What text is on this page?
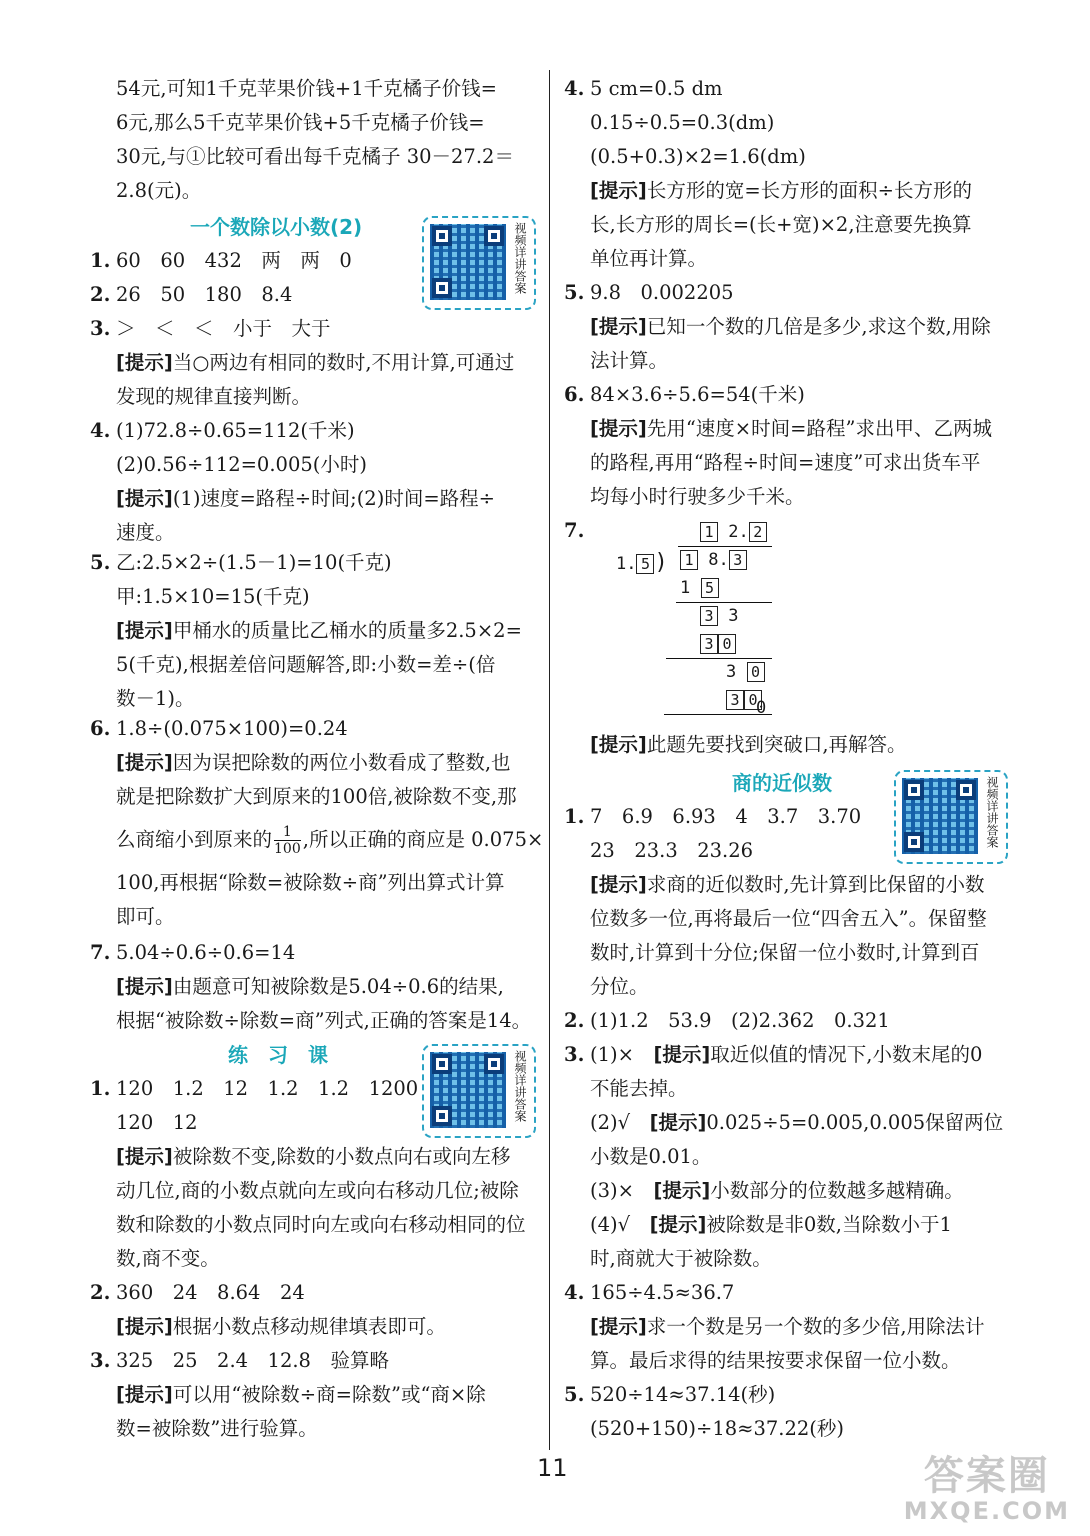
54元,可知1千克苹果价钱+1千克橘子价钱=
6元,那么5千克苹果价钱+5千克橘子价钱=
30元,与①比较可看出每千克橘子 30－27.2＝
2.8(元)。
一个数除以小数(2)	视频详讲答案
1. 60　60　432　两　两　0
2. 26　50　180　8.4
3. ＞　＜　＜　小于　大于
[提示]当○两边有相同的数时,不用计算,可通过
发现的规律直接判断。
4. (1)72.8÷0.65=112(千米)
(2)0.56÷112=0.005(小时)
[提示](1)速度=路程÷时间;(2)时间=路程÷
速度。
5. 乙:2.5×2÷(1.5－1)=10(千克)
甲:1.5×10=15(千克)
[提示]甲桶水的质量比乙桶水的质量多2.5×2=
5(千克),根据差倍问题解答,即:小数=差÷(倍
数－1)。
6. 1.8÷(0.075×100)=0.24
[提示]因为误把除数的两位小数看成了整数,也
就是把除数扩大到原来的100倍,被除数不变,那
么商缩小到原来的 $\frac{1}{100}$ ,所以正确的商应是 0.075×
100,再根据“除数=被除数÷商”列出算式计算
即可。
7. 5.04÷0.6÷0.6=14
[提示]由题意可知被除数是5.04÷0.6的结果,
根据“被除数÷除数=商”列式,正确的答案是14。
练　习　课	视频详讲答案
1. 120　1.2　12　1.2　1.2　1200
120　12
[提示]被除数不变,除数的小数点向右或向左移
动几位,商的小数点就向左或向右移动几位;被除
数和除数的小数点同时向左或向右移动相同的位
数,商不变。
2. 360　24　8.64　24
[提示]根据小数点移动规律填表即可。
3. 325　25　2.4　12.8　验算略
[提示]可以用“被除数÷商=除数”或“商×除
数=被除数”进行验算。
4. 5 cm=0.5 dm
0.15÷0.5=0.3(dm)
(0.5+0.3)×2=1.6(dm)
[提示]长方形的宽=长方形的面积÷长方形的
长,长方形的周长=(长+宽)×2,注意要先换算
单位再计算。
5. 9.8　0.002205
[提示]已知一个数的几倍是多少,求这个数,用除
法计算。
6. 84×3.6÷5.6=54(千米)
[提示]先用“速度×时间=路程”求出甲、乙两城
的路程,再用“路程÷时间=速度”可求出货车平
均每小时行驶多少千米。
7.	1 2. 2
1. 5 ) 1 8. 3
1 5
3 3
3 0
3 0
3 0
0
[提示]此题先要找到突破口,再解答。
商的近似数	视频详讲答案
1. 7　6.9　6.93　4　3.7　3.70
23　23.3　23.26
[提示]求商的近似数时,先计算到比保留的小数
位数多一位,再将最后一位“四舍五入”。保留整
数时,计算到十分位;保留一位小数时,计算到百
分位。
2. (1)1.2　53.9　(2)2.362　0.321
3. (1)×　[提示]取近似值的情况下,小数末尾的0
不能去掉。
(2)√　[提示]0.025÷5=0.005,0.005保留两位
小数是0.01。
(3)×　[提示]小数部分的位数越多越精确。
(4)√　[提示]被除数是非0数,当除数小于1
时,商就大于被除数。
4. 165÷4.5≈36.7
[提示]求一个数是另一个数的多少倍,用除法计
算。最后求得的结果按要求保留一位小数。
5. 520÷14≈37.14(秒)
(520+150)÷18≈37.22(秒)
11	答案圈
MXQE.COM
